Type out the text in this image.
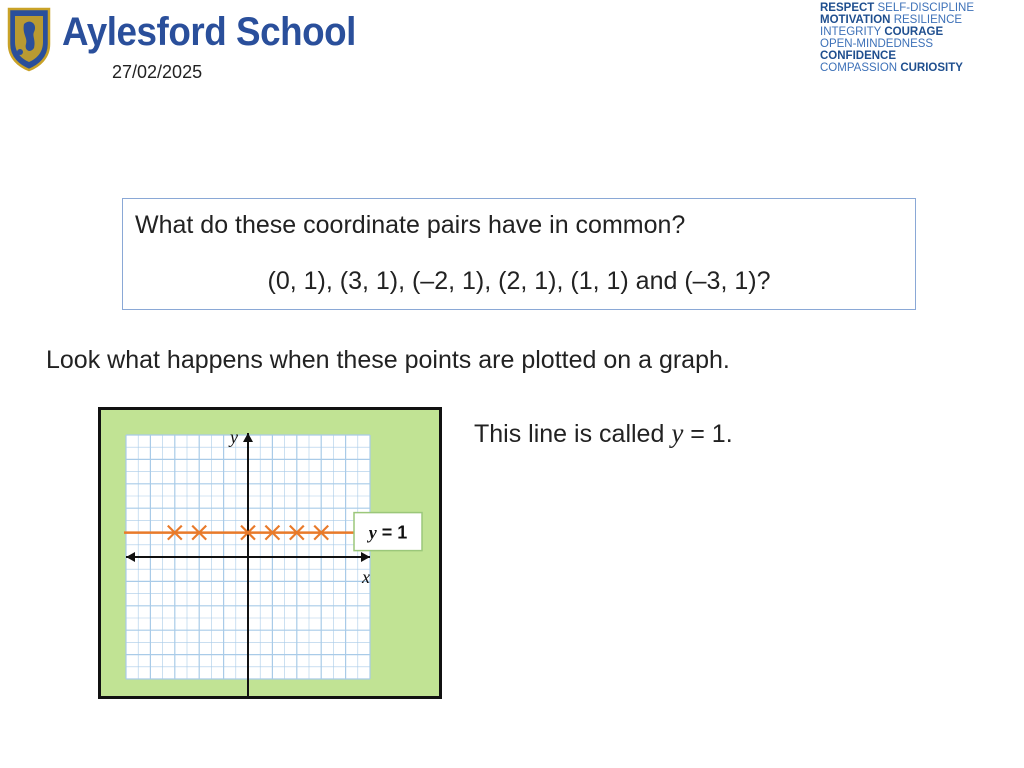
Aylesford School
27/02/2025
RESPECT SELF-DISCIPLINE
MOTIVATION RESILIENCE
INTEGRITY COURAGE
OPEN-MINDEDNESS
CONFIDENCE
COMPASSION CURIOSITY
What do these coordinate pairs have in common?
(0, 1), (3, 1), (–2, 1), (2, 1), (1, 1) and (–3, 1)?
Look what happens when these points are plotted on a graph.
y
x
y = 1
This line is called y = 1.
